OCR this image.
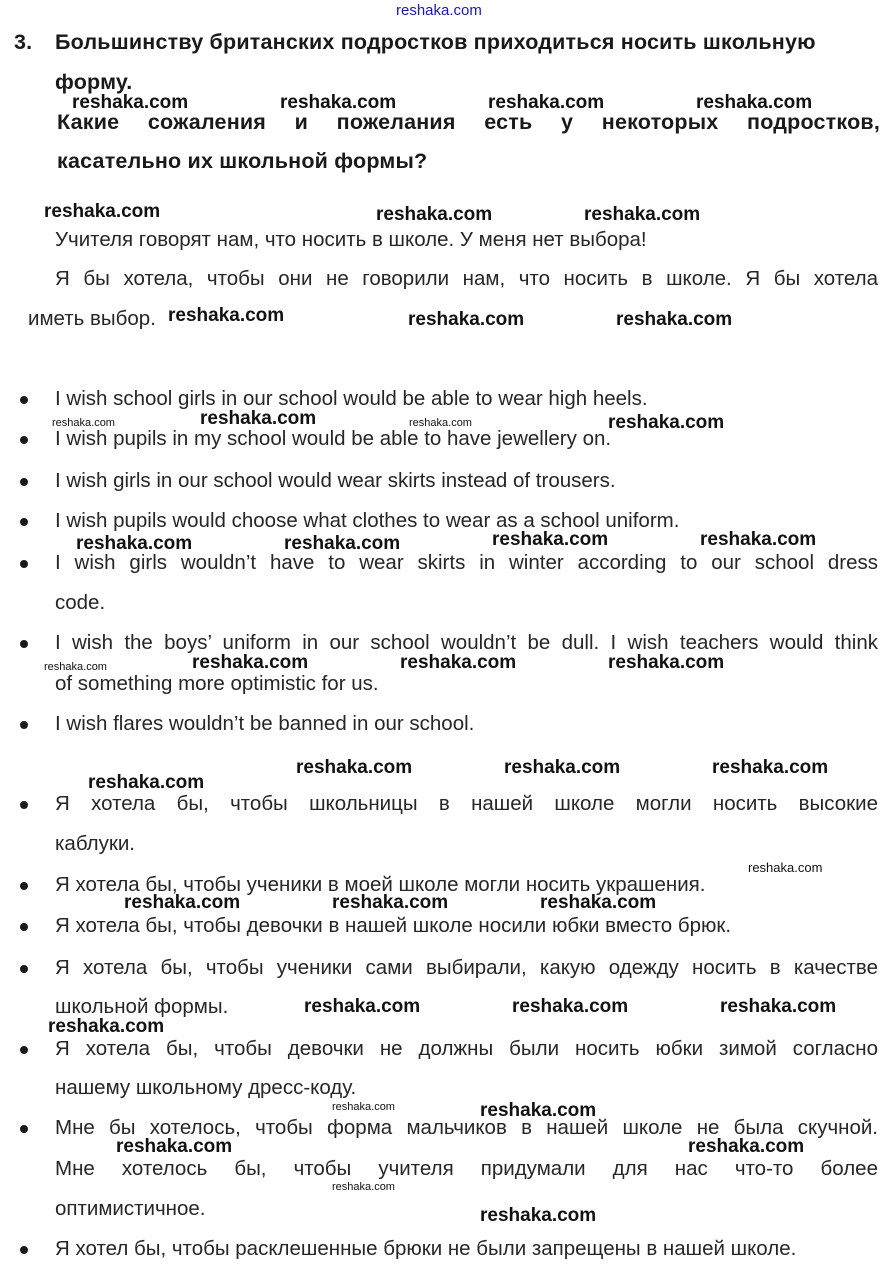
reshaka.com
3. Большинству британских подростков приходиться носить школьную
форму.
Какие сожаления и пожелания есть у некоторых подростков,
касательно их школьной формы?
Учителя говорят нам, что носить в школе. У меня нет выбора!
Я бы хотела, чтобы они не говорили нам, что носить в школе. Я бы хотела
иметь выбор.
I wish school girls in our school would be able to wear high heels.
I wish pupils in my school would be able to have jewellery on.
I wish girls in our school would wear skirts instead of trousers.
I wish pupils would choose what clothes to wear as a school uniform.
I wish girls wouldn’t have to wear skirts in winter according to our school dress
code.
I wish the boys’ uniform in our school wouldn’t be dull. I wish teachers would think
of something more optimistic for us.
I wish flares wouldn’t be banned in our school.
Я хотела бы, чтобы школьницы в нашей школе могли носить высокие
каблуки.
Я хотела бы, чтобы ученики в моей школе могли носить украшения.
Я хотела бы, чтобы девочки в нашей школе носили юбки вместо брюк.
Я хотела бы, чтобы ученики сами выбирали, какую одежду носить в качестве
школьной формы.
Я хотела бы, чтобы девочки не должны были носить юбки зимой согласно
нашему школьному дресс-коду.
Мне бы хотелось, чтобы форма мальчиков в нашей школе не была скучной.
Мне хотелось бы, чтобы учителя придумали для нас что-то более
оптимистичное.
Я хотел бы, чтобы расклешенные брюки не были запрещены в нашей школе.
reshaka.com	reshaka.com	reshaka.com	reshaka.com
reshaka.com	reshaka.com	reshaka.com
reshaka.com	reshaka.com	reshaka.com
reshaka.com	reshaka.com	reshaka.com	reshaka.com
reshaka.com	reshaka.com	reshaka.com	reshaka.com
reshaka.com	reshaka.com	reshaka.com	reshaka.com
reshaka.com	reshaka.com	reshaka.com
reshaka.com
reshaka.com
reshaka.com	reshaka.com	reshaka.com
reshaka.com	reshaka.com	reshaka.com
reshaka.com
reshaka.com	reshaka.com
reshaka.com	reshaka.com
reshaka.com
reshaka.com
